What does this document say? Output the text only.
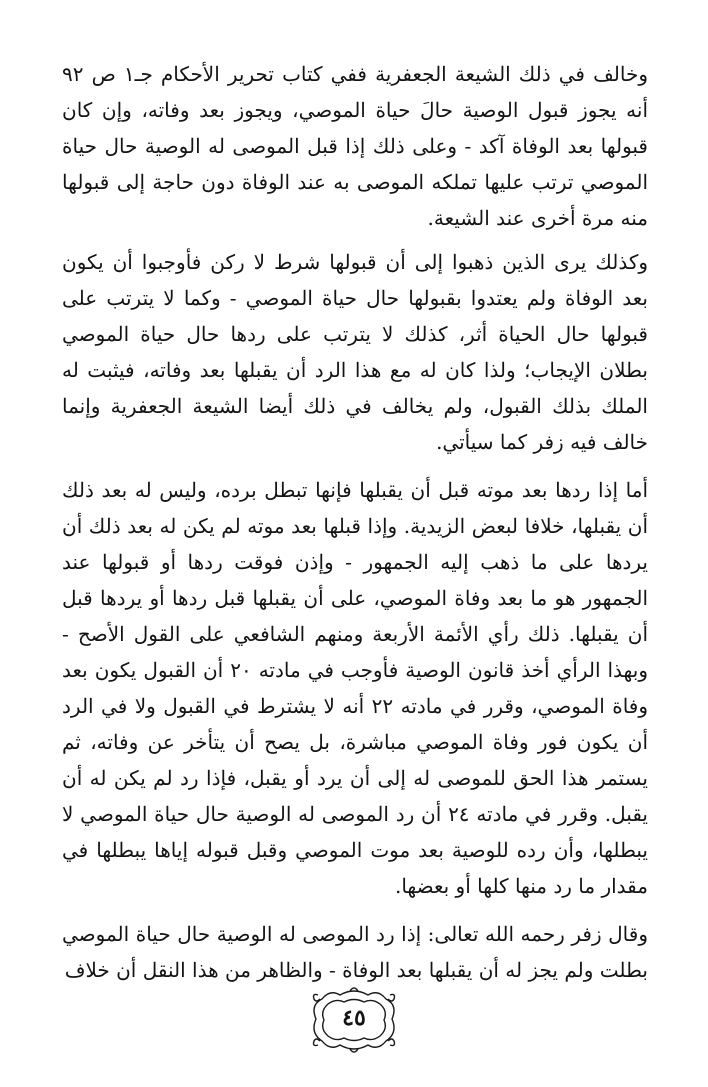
وخالف في ذلك الشيعة الجعفرية ففي كتاب تحرير الأحكام جـ١ ص ٩٢ أنه يجوز قبول الوصية حالَ حياة الموصي، ويجوز بعد وفاته، وإن كان قبولها بعد الوفاة آكد - وعلى ذلك إذا قبل الموصى له الوصية حال حياة الموصي ترتب عليها تملكه الموصى به عند الوفاة دون حاجة إلى قبولها منه مرة أخرى عند الشيعة.

وكذلك يرى الذين ذهبوا إلى أن قبولها شرط لا ركن فأوجبوا أن يكون بعد الوفاة ولم يعتدوا بقبولها حال حياة الموصي - وكما لا يترتب على قبولها حال الحياة أثر، كذلك لا يترتب على ردها حال حياة الموصي بطلان الإيجاب؛ ولذا كان له مع هذا الرد أن يقبلها بعد وفاته، فيثبت له الملك بذلك القبول، ولم يخالف في ذلك أيضا الشيعة الجعفرية وإنما خالف فيه زفر كما سيأتي.

أما إذا ردها بعد موته قبل أن يقبلها فإنها تبطل برده، وليس له بعد ذلك أن يقبلها، خلافا لبعض الزيدية. وإذا قبلها بعد موته لم يكن له بعد ذلك أن يردها على ما ذهب إليه الجمهور - وإذن فوقت ردها أو قبولها عند الجمهور هو ما بعد وفاة الموصي، على أن يقبلها قبل ردها أو يردها قبل أن يقبلها. ذلك رأي الأئمة الأربعة ومنهم الشافعي على القول الأصح - وبهذا الرأي أخذ قانون الوصية فأوجب في مادته ٢٠ أن القبول يكون بعد وفاة الموصي، وقرر في مادته ٢٢ أنه لا يشترط في القبول ولا في الرد أن يكون فور وفاة الموصي مباشرة، بل يصح أن يتأخر عن وفاته، ثم يستمر هذا الحق للموصى له إلى أن يرد أو يقبل، فإذا رد لم يكن له أن يقبل. وقرر في مادته ٢٤ أن رد الموصى له الوصية حال حياة الموصي لا يبطلها، وأن رده للوصية بعد موت الموصي وقبل قبوله إياها يبطلها في مقدار ما رد منها كلها أو بعضها.

وقال زفر رحمه الله تعالى: إذا رد الموصى له الوصية حال حياة الموصي بطلت ولم يجز له أن يقبلها بعد الوفاة - والظاهر من هذا النقل أن خلاف

٤٥
